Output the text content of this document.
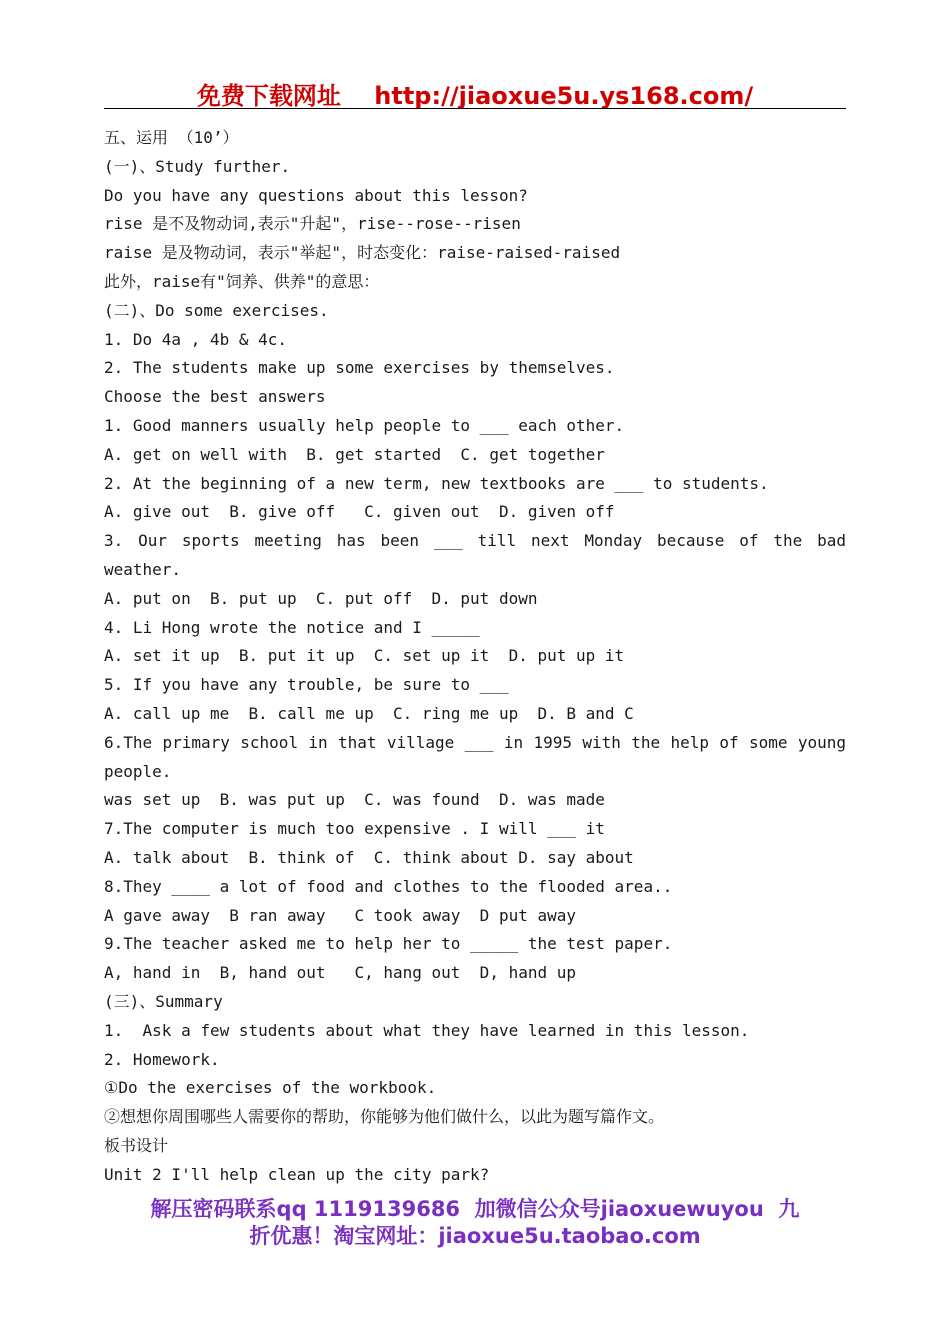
免费下载网址    http://jiaoxue5u.ys168.com/
五、运用 （10’）
(一)、Study further.
Do you have any questions about this lesson?
rise 是不及物动词,表示"升起"，rise--rose--risen
raise 是及物动词，表示"举起"，时态变化：raise-raised-raised
此外，raise有"饲养、供养"的意思：
(二)、Do some exercises.
1. Do 4a , 4b & 4c.
2. The students make up some exercises by themselves.
Choose the best answers
1. Good manners usually help people to ___ each other.
A. get on well with  B. get started  C. get together
2. At the beginning of a new term, new textbooks are ___ to students.
A. give out  B. give off   C. given out  D. given off
3. Our sports meeting has been ___ till next Monday because of the bad
weather.
A. put on  B. put up  C. put off  D. put down
4. Li Hong wrote the notice and I _____
A. set it up  B. put it up  C. set up it  D. put up it
5. If you have any trouble, be sure to ___
A. call up me  B. call me up  C. ring me up  D. B and C
6.The primary school in that village ___ in 1995 with the help of some young
people.
was set up  B. was put up  C. was found  D. was made
7.The computer is much too expensive . I will ___ it
A. talk about  B. think of  C. think about D. say about
8.They ____ a lot of food and clothes to the flooded area..
A gave away  B ran away   C took away  D put away
9.The teacher asked me to help her to _____ the test paper.
A, hand in  B, hand out   C, hang out  D, hand up
(三)、Summary
1.  Ask a few students about what they have learned in this lesson.
2. Homework.
①Do the exercises of the workbook.
②想想你周围哪些人需要你的帮助，你能够为他们做什么，以此为题写篇作文。
板书设计
Unit 2 I'll help clean up the city park?
解压密码联系qq 1119139686  加微信公众号jiaoxuewuyou  九
折优惠！淘宝网址：jiaoxue5u.taobao.com
